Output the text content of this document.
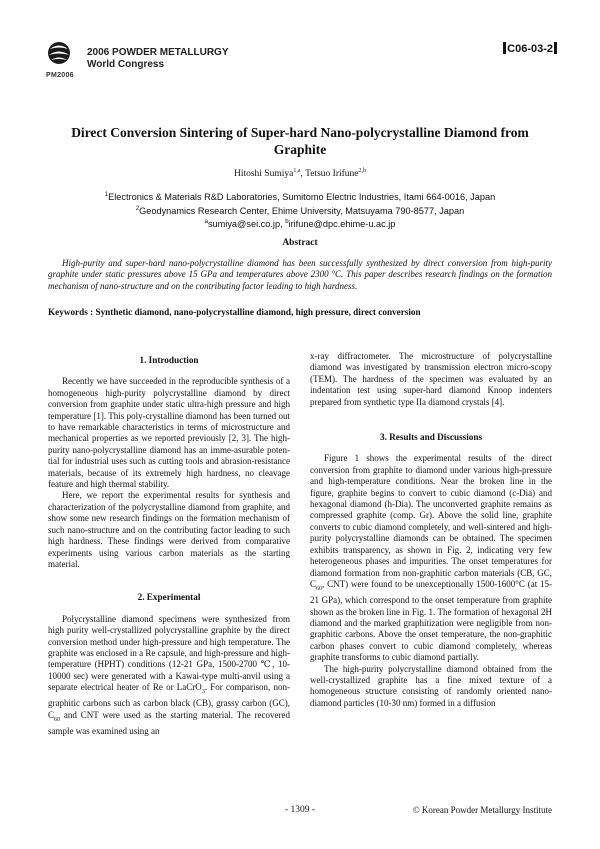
PM2006
2006 POWDER METALLURGY
World Congress
C06-03-2
Direct Conversion Sintering of Super-hard Nano-polycrystalline Diamond from Graphite
Hitoshi Sumiya$^{1,a}$, Tetsuo Irifune$^{2,b}$
$^1$Electronics & Materials R&D Laboratories, Sumitomo Electric Industries, Itami 664-0016, Japan
$^2$Geodynamics Research Center, Ehime University, Matsuyama 790-8577, Japan
$^a$sumiya@sei.co.jp, $^b$irifune@dpc.ehime-u.ac.jp
Abstract

High-purity and super-hard nano-polycrystalline diamond has been successfully synthesized by direct conversion from high-purity graphite under static pressures above 15 GPa and temperatures above 2300 °C. This paper describes research findings on the formation mechanism of nano-structure and on the contributing factor leading to high hardness.

Keywords : Synthetic diamond, nano-polycrystalline diamond, high pressure, direct conversion
1. Introduction

Recently we have succeeded in the reproducible synthesis of a homogeneous high-purity polycrystalline diamond by direct conversion from graphite under static ultra-high pressure and high temperature [1]. This poly-crystalline diamond has been turned out to have remarkable characteristics in terms of microstructure and mechanical properties as we reported previously [2, 3]. The high-purity nano-polycrystalline diamond has an imme-asurable poten-tial for industrial uses such as cutting tools and abrasion-resistance materials, because of its extremely high hardness, no cleavage feature and high thermal stability.

Here, we report the experimental results for synthesis and characterization of the polycrystalline diamond from graphite, and show some new research findings on the formation mechanism of such nano-structure and on the contributing factor leading to such high hardness. These findings were derived from comparative experiments using various carbon materials as the starting material.

2. Experimental

Polycrystalline diamond specimens were synthesized from high purity well-crystallized polycrystalline graphite by the direct conversion method under high-pressure and high temperature. The graphite was enclosed in a Re capsule, and high-pressure and high-temperature (HPHT) conditions (12-21 GPa, 1500-2700 ℃, 10-10000 sec) were generated with a Kawai-type multi-anvil using a separate electrical heater of Re or LaCrO$_3$. For comparison, non-graphitic carbons such as carbon black (CB), grassy carbon (GC), $C_{60}$ and CNT were used as the starting material. The recovered sample was examined using an

x-ray diffractometer. The microstructure of polycrystalline diamond was investigated by transmission electron micro-scopy (TEM). The hardness of the specimen was evaluated by an indentation test using super-hard diamond Knoop indenters prepared from synthetic type IIa diamond crystals [4].

3. Results and Discussions

Figure 1 shows the experimental results of the direct conversion from graphite to diamond under various high-pressure and high-temperature conditions. Near the broken line in the figure, graphite begins to convert to cubic diamond (c-Dia) and hexagonal diamond (h-Dia). The unconverted graphite remains as compressed graphite (comp. Gr). Above the solid line, graphite converts to cubic diamond completely, and well-sintered and high-purity polycrystalline diamonds can be obtained. The specimen exhibits transparency, as shown in Fig. 2, indicating very few heterogeneous phases and impurities. The onset temperatures for diamond formation from non-graphitic carbon materials (CB, GC, $C_{60}$, CNT) were found to be unexceptionally 1500-1600°C (at 15-21 GPa), which correspond to the onset temperature from graphite shown as the broken line in Fig. 1. The formation of hexagonal 2H diamond and the marked graphitization were negligible from non-graphitic carbons. Above the onset temperature, the non-graphitic carbon phases convert to cubic diamond completely, whereas graphite transforms to cubic diamond partially.

The high-purity polycrystalline diamond obtained from the well-crystallized graphite has a fine mixed texture of a homogeneous structure consisting of randomly oriented nano-diamond particles (10-30 nm) formed in a diffusion

- 1309 -	© Korean Powder Metallurgy Institute
